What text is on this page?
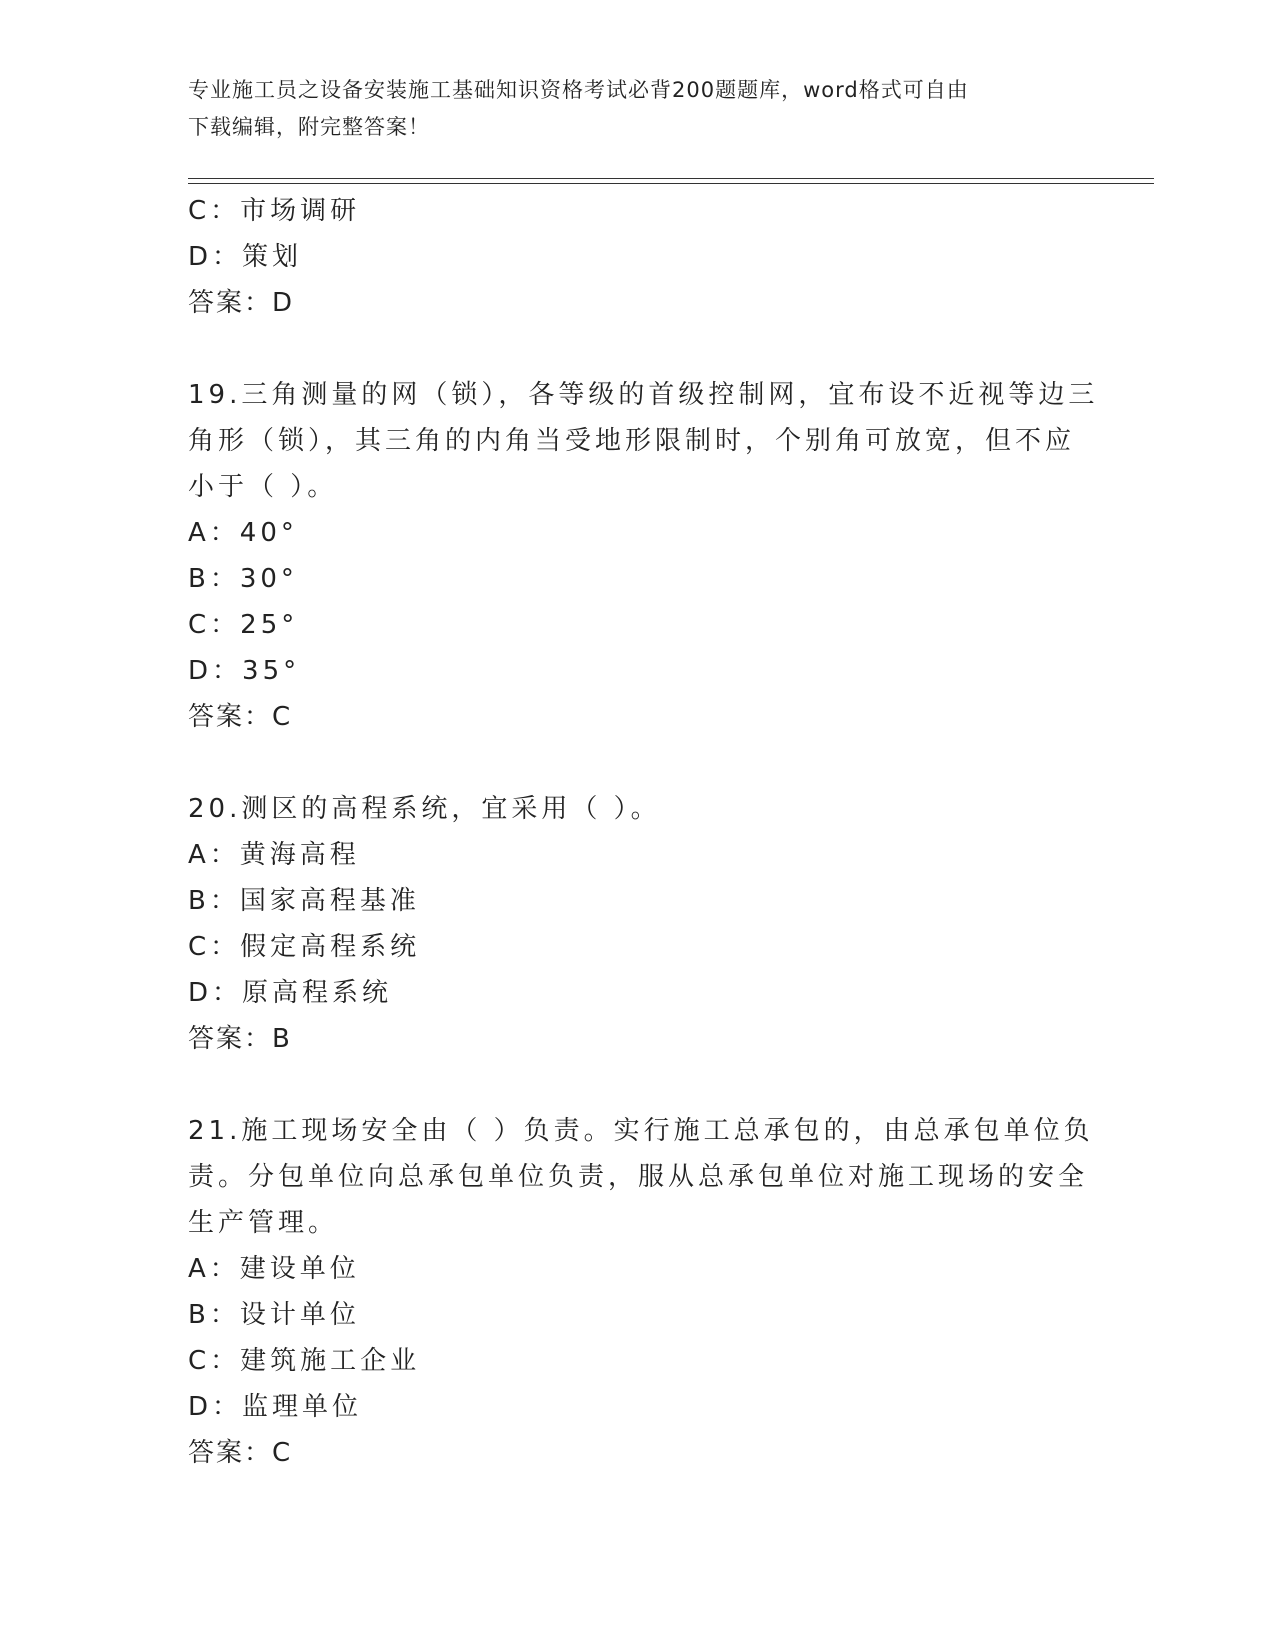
专业施工员之设备安装施工基础知识资格考试必背200题题库，word格式可自由
下载编辑，附完整答案！
C：市场调研
D：策划
答案：D
19.三角测量的网（锁），各等级的首级控制网，宜布设不近视等边三
角形（锁），其三角的内角当受地形限制时，个别角可放宽，但不应
小于（ ）。
A：40°
B：30°
C：25°
D：35°
答案：C
20.测区的高程系统，宜采用（ ）。
A：黄海高程
B：国家高程基准
C：假定高程系统
D：原高程系统
答案：B
21.施工现场安全由（ ）负责。实行施工总承包的，由总承包单位负
责。分包单位向总承包单位负责，服从总承包单位对施工现场的安全
生产管理。
A：建设单位
B：设计单位
C：建筑施工企业
D：监理单位
答案：C
